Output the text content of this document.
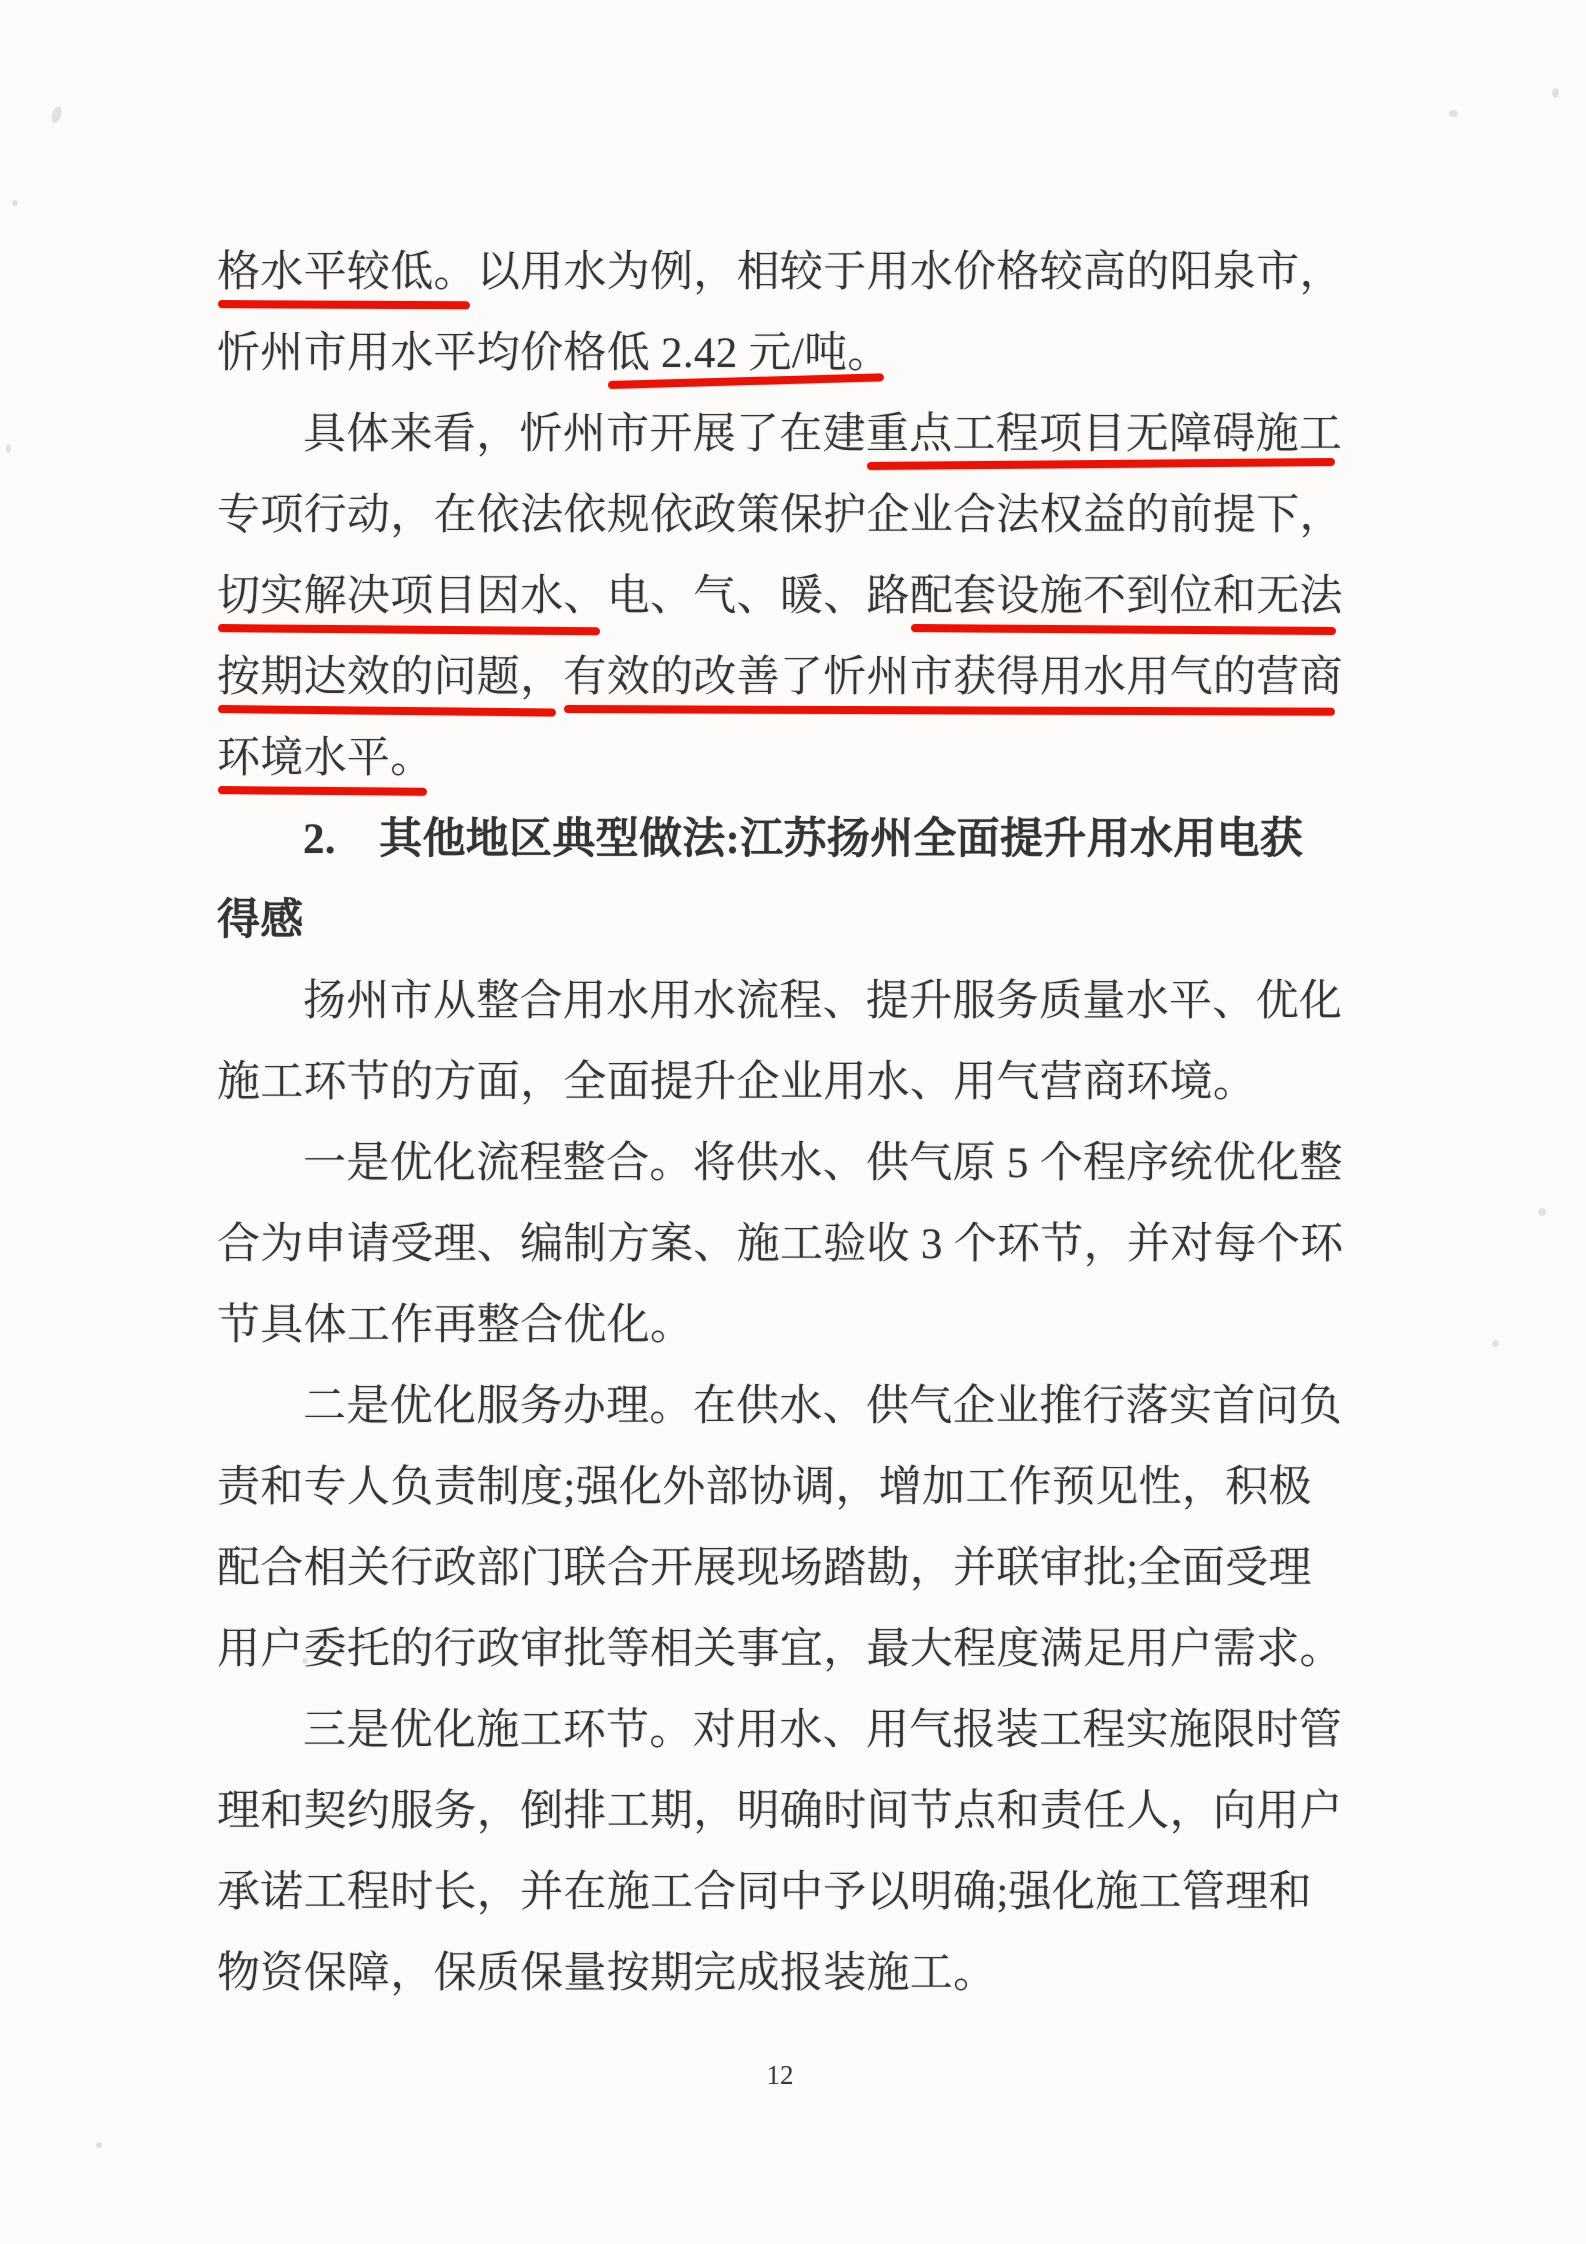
格水平较低。以用水为例，相较于用水价格较高的阳泉市，
忻州市用水平均价格低 2.42 元/吨。
具体来看，忻州市开展了在建重点工程项目无障碍施工
专项行动，在依法依规依政策保护企业合法权益的前提下，
切实解决项目因水、电、气、暖、路配套设施不到位和无法
按期达效的问题，有效的改善了忻州市获得用水用气的营商
环境水平。
2.　其他地区典型做法:江苏扬州全面提升用水用电获
得感
扬州市从整合用水用水流程、提升服务质量水平、优化
施工环节的方面，全面提升企业用水、用气营商环境。
一是优化流程整合。将供水、供气原 5 个程序统优化整
合为申请受理、编制方案、施工验收 3 个环节，并对每个环
节具体工作再整合优化。
二是优化服务办理。在供水、供气企业推行落实首问负
责和专人负责制度;强化外部协调，增加工作预见性，积极
配合相关行政部门联合开展现场踏勘，并联审批;全面受理
用户委托的行政审批等相关事宜，最大程度满足用户需求。
三是优化施工环节。对用水、用气报装工程实施限时管
理和契约服务，倒排工期，明确时间节点和责任人，向用户
承诺工程时长，并在施工合同中予以明确;强化施工管理和
物资保障，保质保量按期完成报装施工。
12
